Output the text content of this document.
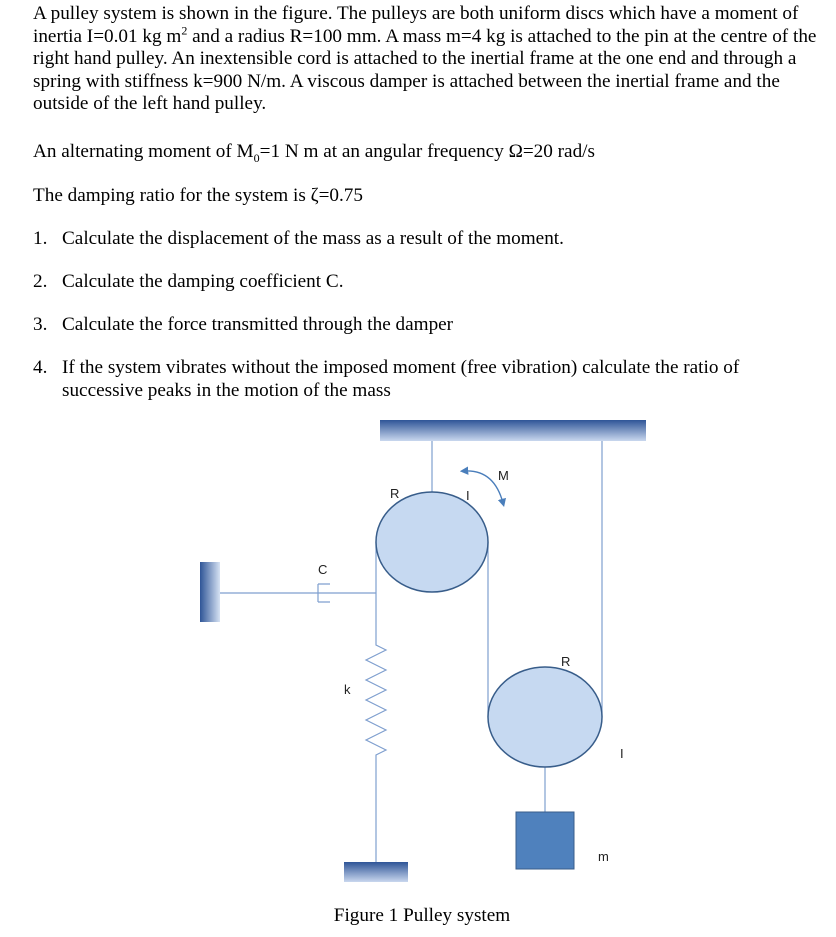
A pulley system is shown in the figure. The pulleys are both uniform discs which have a moment of inertia I=0.01 kg $m^2$ and a radius R=100 mm. A mass m=4 kg is attached to the pin at the centre of the right hand pulley. An inextensible cord is attached to the inertial frame at the one end and through a spring with stiffness k=900 N/m. A viscous damper is attached between the inertial frame and the outside of the left hand pulley.

An alternating moment of $M_0=1$ N m at an angular frequency Ω=20 rad/s

The damping ratio for the system is ζ=0.75

1. Calculate the displacement of the mass as a result of the moment.
2. Calculate the damping coefficient C.
3. Calculate the force transmitted through the damper
4. If the system vibrates without the imposed moment (free vibration) calculate the ratio of successive peaks in the motion of the mass
M
R	I
C
k
R
I
m
Figure 1 Pulley system
